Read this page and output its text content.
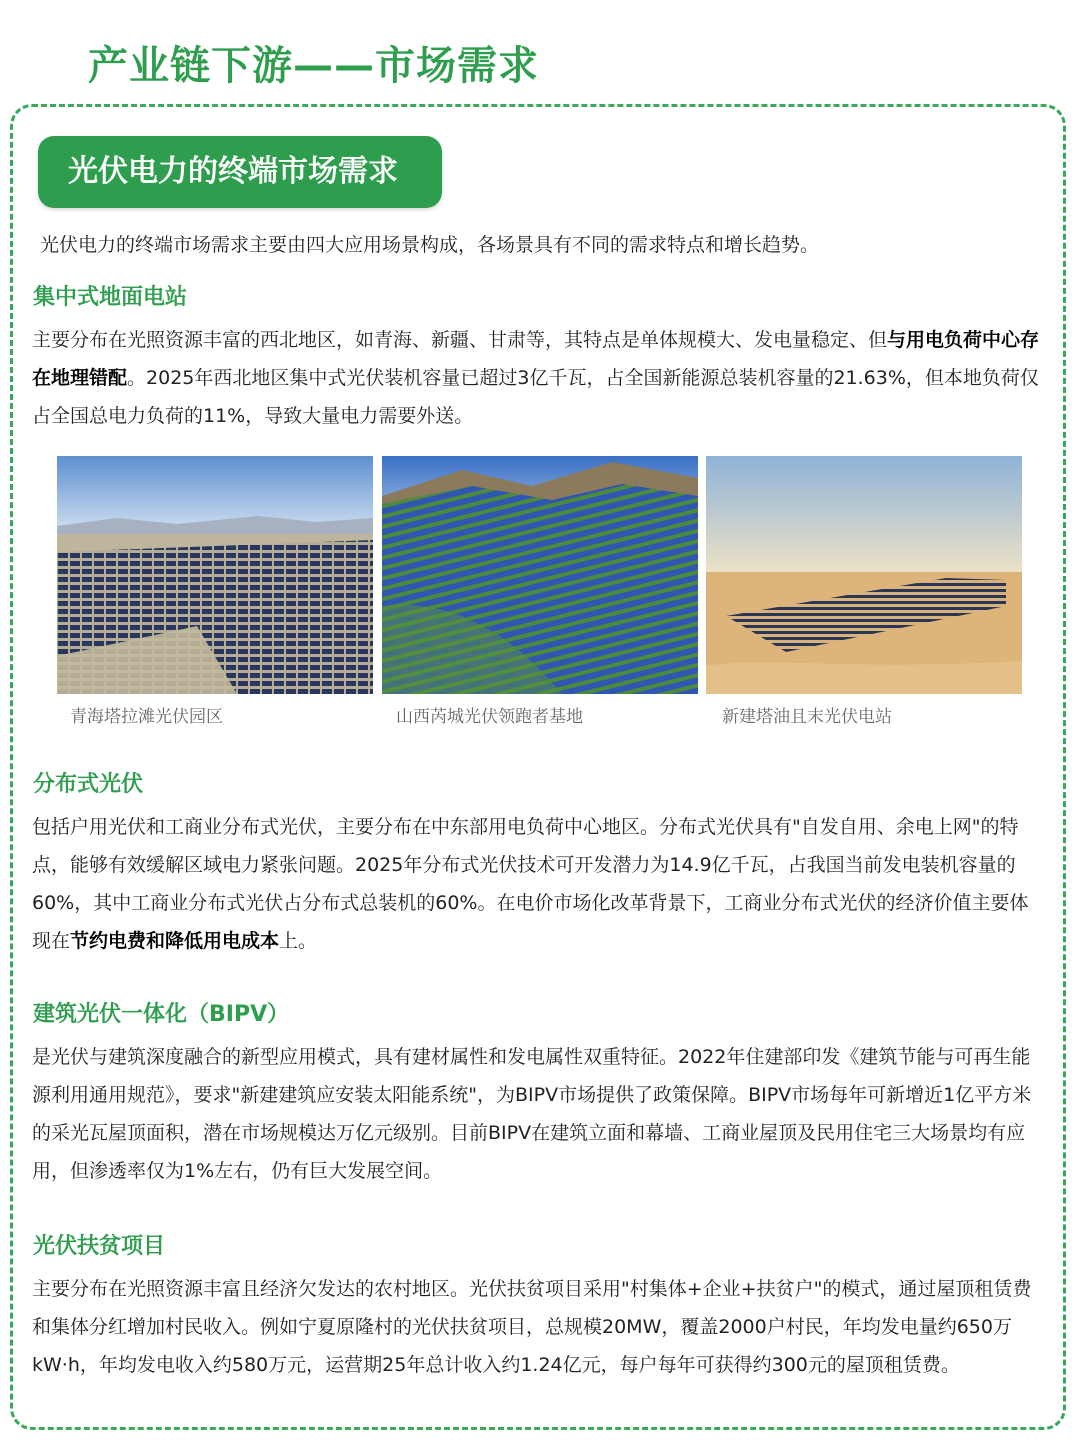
产业链下游——市场需求
光伏电力的终端市场需求

光伏电力的终端市场需求主要由四大应用场景构成，各场景具有不同的需求特点和增长趋势。

集中式地面电站

主要分布在光照资源丰富的西北地区，如青海、新疆、甘肃等，其特点是单体规模大、发电量稳定、但与用电负荷中心存在地理错配。2025年西北地区集中式光伏装机容量已超过3亿千瓦，占全国新能源总装机容量的21.63%，但本地负荷仅占全国总电力负荷的11%，导致大量电力需要外送。

青海塔拉滩光伏园区	山西芮城光伏领跑者基地	新建塔油且末光伏电站
分布式光伏

包括户用光伏和工商业分布式光伏，主要分布在中东部用电负荷中心地区。分布式光伏具有"自发自用、余电上网"的特点，能够有效缓解区域电力紧张问题。2025年分布式光伏技术可开发潜力为14.9亿千瓦，占我国当前发电装机容量的60%，其中工商业分布式光伏占分布式总装机的60%。在电价市场化改革背景下，工商业分布式光伏的经济价值主要体现在节约电费和降低用电成本上。

建筑光伏一体化（BIPV）

是光伏与建筑深度融合的新型应用模式，具有建材属性和发电属性双重特征。2022年住建部印发《建筑节能与可再生能源利用通用规范》，要求"新建建筑应安装太阳能系统"，为BIPV市场提供了政策保障。BIPV市场每年可新增近1亿平方米的采光瓦屋顶面积，潜在市场规模达万亿元级别。目前BIPV在建筑立面和幕墙、工商业屋顶及民用住宅三大场景均有应用，但渗透率仅为1%左右，仍有巨大发展空间。

光伏扶贫项目

主要分布在光照资源丰富且经济欠发达的农村地区。光伏扶贫项目采用"村集体+企业+扶贫户"的模式，通过屋顶租赁费和集体分红增加村民收入。例如宁夏原隆村的光伏扶贫项目，总规模20MW，覆盖2000户村民，年均发电量约650万kW·h，年均发电收入约580万元，运营期25年总计收入约1.24亿元，每户每年可获得约300元的屋顶租赁费。
